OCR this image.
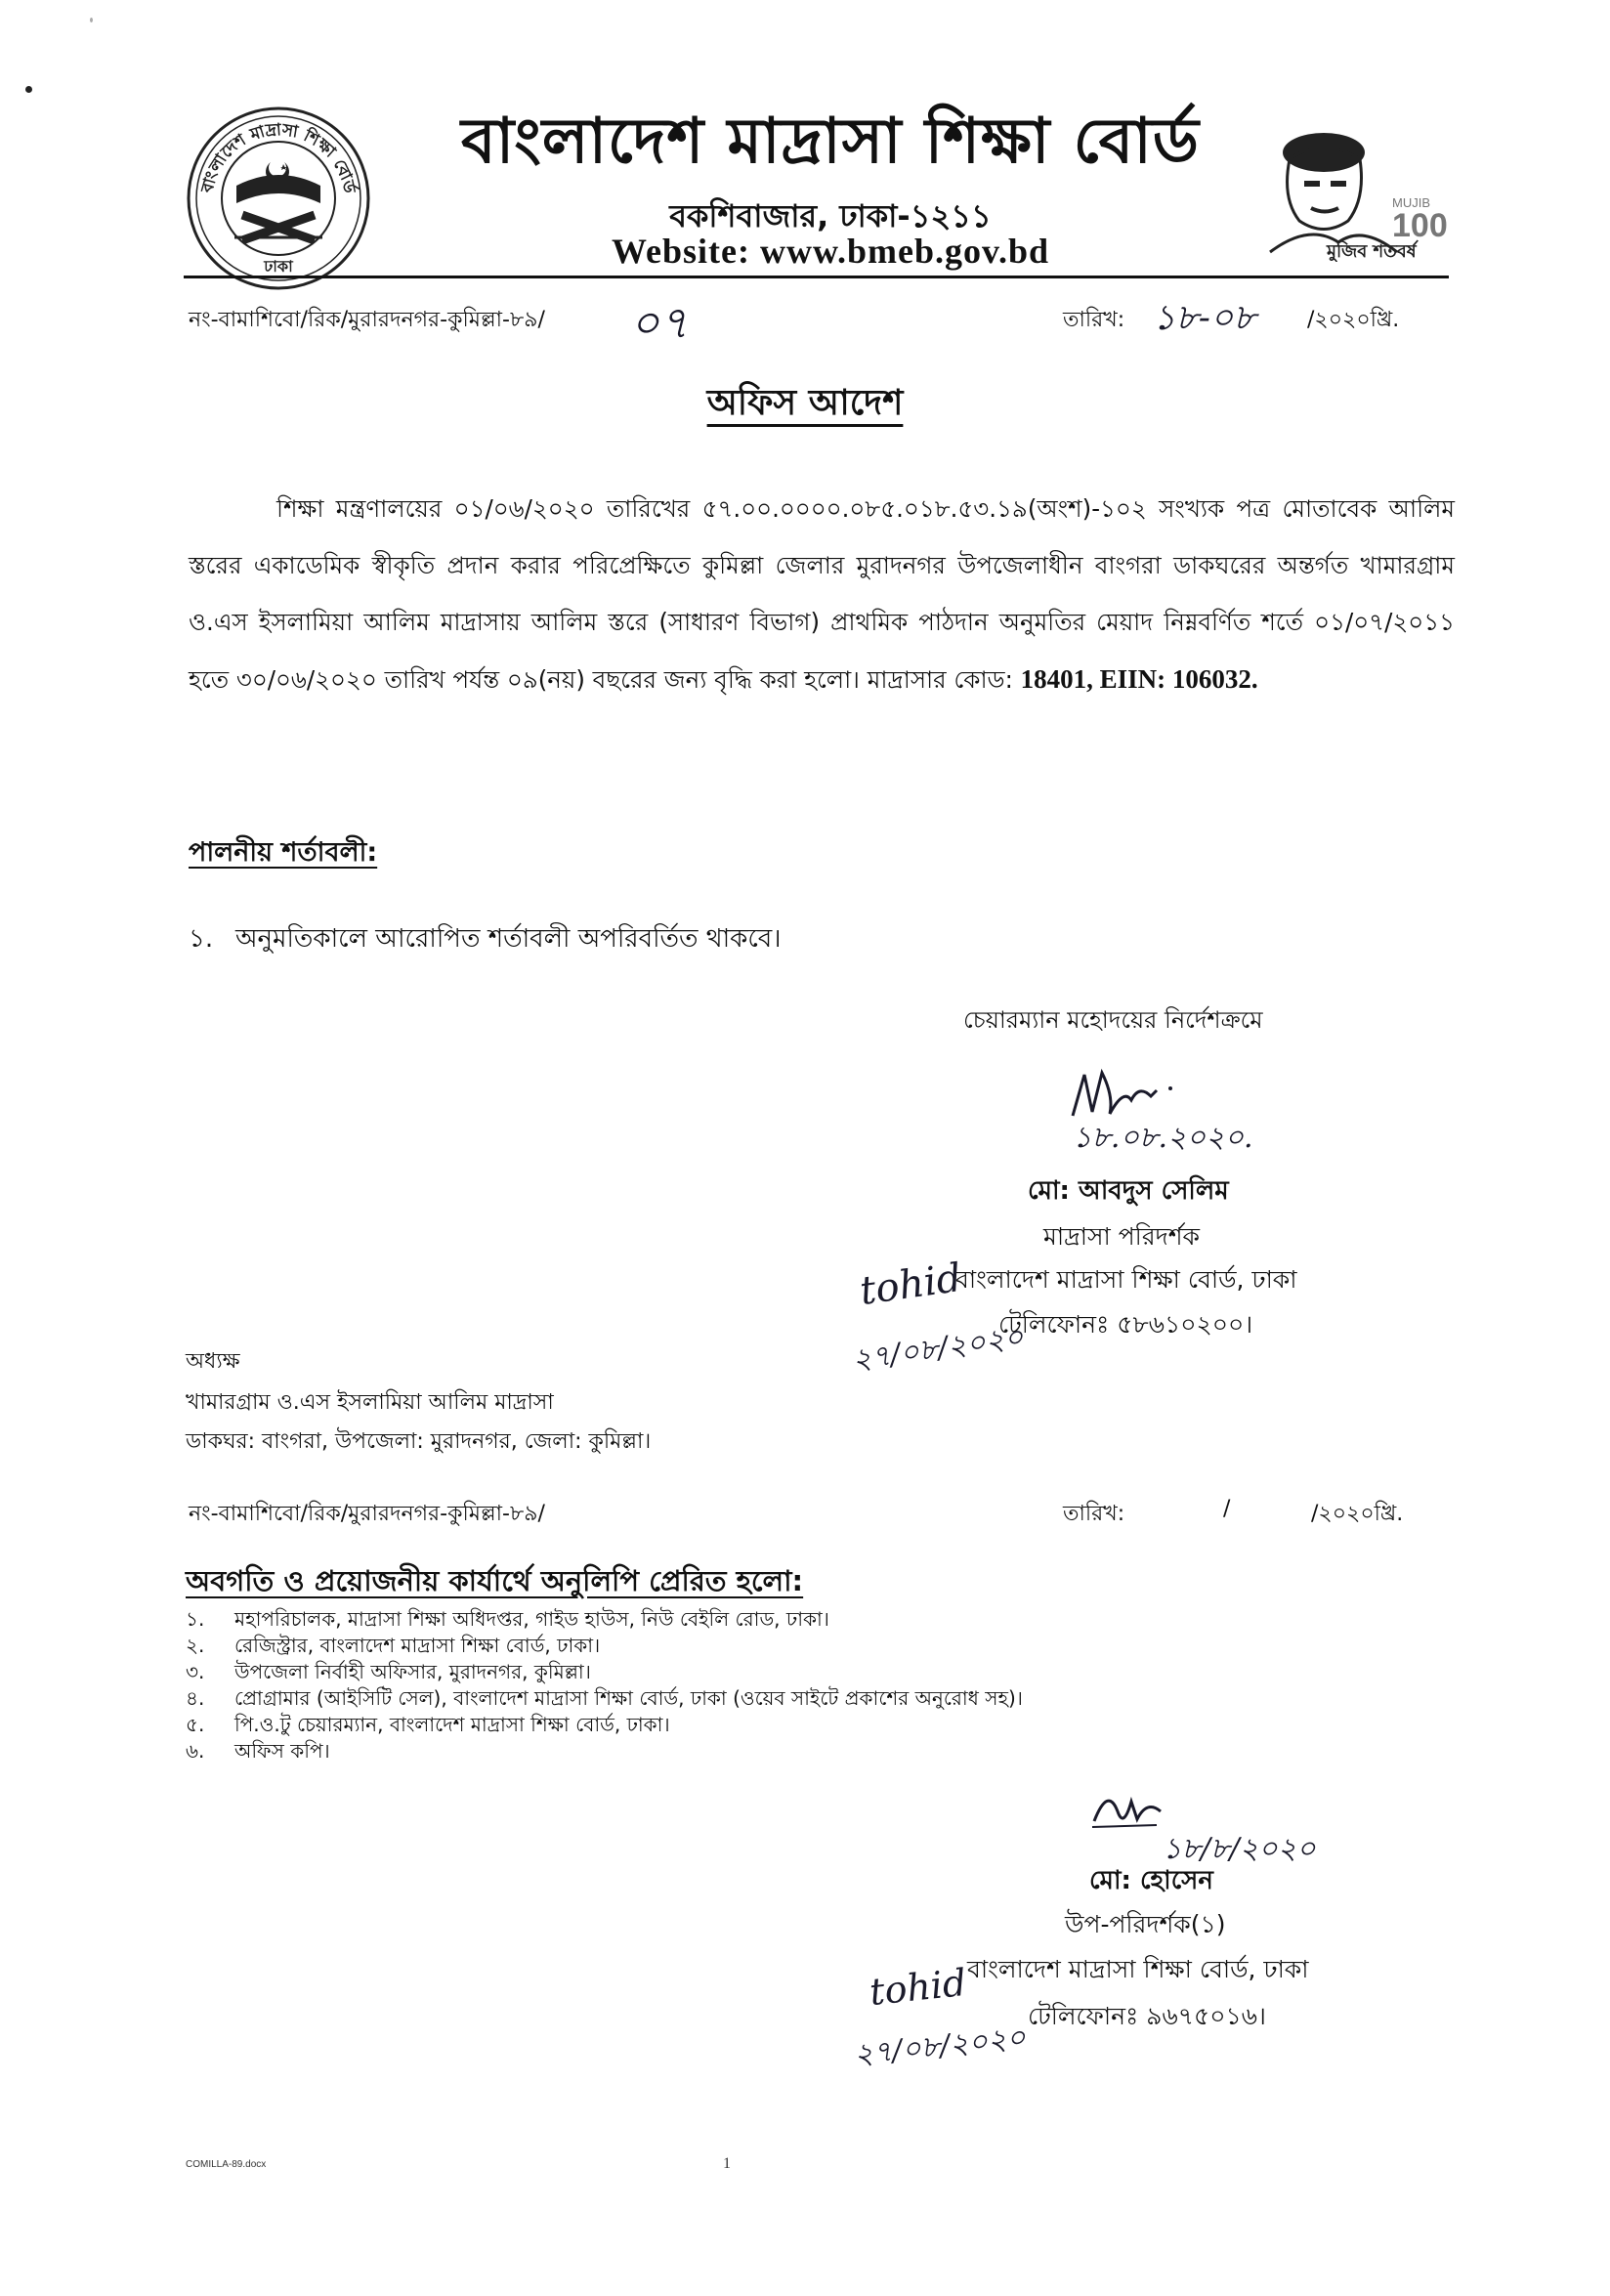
বাংলাদেশ মাদ্রাসা শিক্ষা বোর্ড
ঢাকা
বাংলাদেশ মাদ্রাসা শিক্ষা বোর্ড
বকশিবাজার, ঢাকা-১২১১
Website: www.bmeb.gov.bd	মুজিব শতবর্ষ
MUJIB
100
নং-বামাশিবো/রিক/মুরারদনগর-কুমিল্লা-৮৯/ ০৭	তারিখ: ১৮-০৮ /২০২০খ্রি.
অফিস আদেশ
শিক্ষা মন্ত্রণালয়ের ০১/০৬/২০২০ তারিখের ৫৭.০০.০০০০.০৮৫.০১৮.৫৩.১৯(অংশ)-১০২ সংখ্যক পত্র মোতাবেক আলিম স্তরের একাডেমিক স্বীকৃতি প্রদান করার পরিপ্রেক্ষিতে কুমিল্লা জেলার মুরাদনগর উপজেলাধীন বাংগরা ডাকঘরের অন্তর্গত খামারগ্রাম ও.এস ইসলামিয়া আলিম মাদ্রাসায় আলিম স্তরে (সাধারণ বিভাগ) প্রাথমিক পাঠদান অনুমতির মেয়াদ নিম্নবর্ণিত শর্তে ০১/০৭/২০১১ হতে ৩০/০৬/২০২০ তারিখ পর্যন্ত ০৯(নয়) বছরের জন্য বৃদ্ধি করা হলো। মাদ্রাসার কোড: 18401, EIIN: 106032.
পালনীয় শর্তাবলী:
১. অনুমতিকালে আরোপিত শর্তাবলী অপরিবর্তিত থাকবে।
চেয়ারম্যান মহোদয়ের নির্দেশক্রমে
১৮.০৮.২০২০.
মো: আবদুস সেলিম
মাদ্রাসা পরিদর্শক
বাংলাদেশ মাদ্রাসা শিক্ষা বোর্ড, ঢাকা
টেলিফোনঃ ৫৮৬১০২০০।
tohid
২৭/০৮/২০২০
অধ্যক্ষ
খামারগ্রাম ও.এস ইসলামিয়া আলিম মাদ্রাসা
ডাকঘর: বাংগরা, উপজেলা: মুরাদনগর, জেলা: কুমিল্লা।
নং-বামাশিবো/রিক/মুরারদনগর-কুমিল্লা-৮৯/	তারিখ:	/	/২০২০খ্রি.
অবগতি ও প্রয়োজনীয় কার্যার্থে অনুলিপি প্রেরিত হলো:
১.	মহাপরিচালক, মাদ্রাসা শিক্ষা অধিদপ্তর, গাইড হাউস, নিউ বেইলি রোড, ঢাকা।
২.	রেজিস্ট্রার, বাংলাদেশ মাদ্রাসা শিক্ষা বোর্ড, ঢাকা।
৩.	উপজেলা নির্বাহী অফিসার, মুরাদনগর, কুমিল্লা।
৪.	প্রোগ্রামার (আইসিটি সেল), বাংলাদেশ মাদ্রাসা শিক্ষা বোর্ড, ঢাকা (ওয়েব সাইটে প্রকাশের অনুরোধ সহ)।
৫.	পি.ও.টু চেয়ারম্যান, বাংলাদেশ মাদ্রাসা শিক্ষা বোর্ড, ঢাকা।
৬.	অফিস কপি।
১৮/৮/২০২০
মো: হোসেন
উপ-পরিদর্শক(১)
বাংলাদেশ মাদ্রাসা শিক্ষা বোর্ড, ঢাকা
টেলিফোনঃ ৯৬৭৫০১৬।
tohid
২৭/০৮/২০২০
COMILLA-89.docx	1
